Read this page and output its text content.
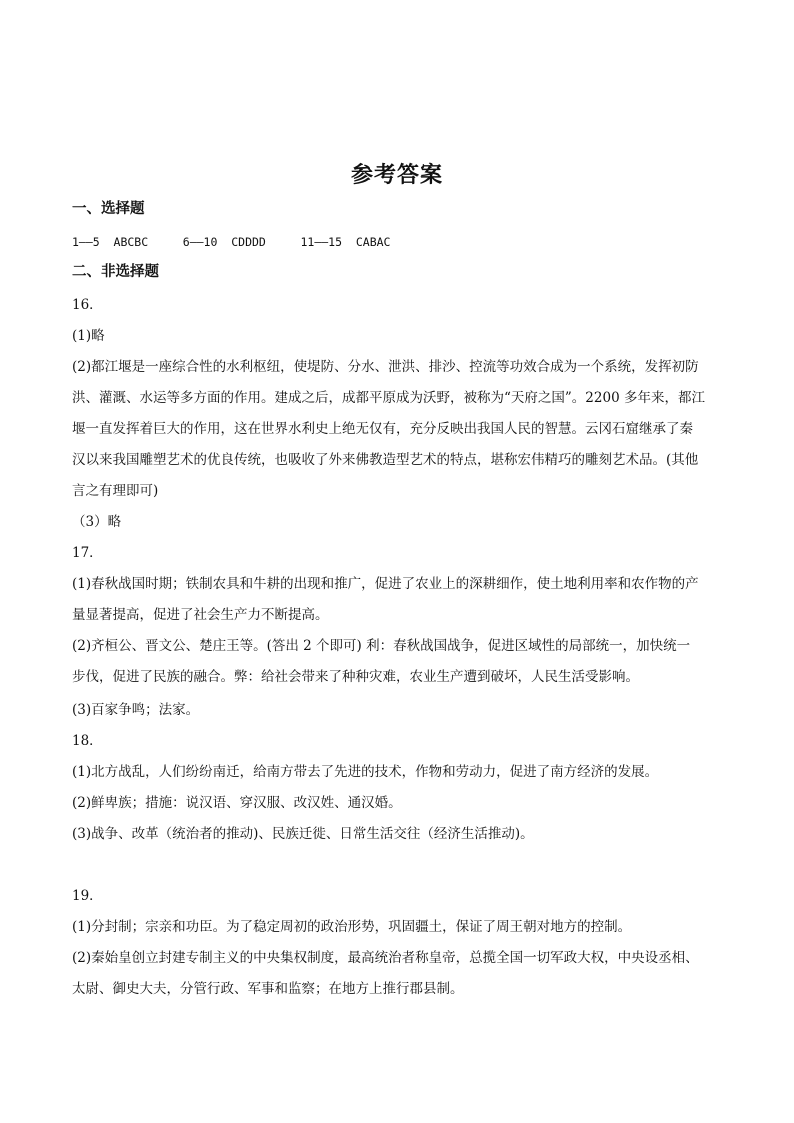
参考答案
一、选择题
1——5  ABCBC     6——10  CDDDD     11——15  CABAC
二、非选择题
16．
(1)略
(2)都江堰是一座综合性的水利枢纽，使堤防、分水、泄洪、排沙、控流等功效合成为一个系统，发挥初防
洪、灌溉、水运等多方面的作用。建成之后，成都平原成为沃野，被称为“天府之国”。2200 多年来，都江
堰一直发挥着巨大的作用，这在世界水利史上绝无仅有，充分反映出我国人民的智慧。云冈石窟继承了秦
汉以来我国雕塑艺术的优良传统，也吸收了外来佛教造型艺术的特点，堪称宏伟精巧的雕刻艺术品。(其他
言之有理即可)
（3）略
17．
(1)春秋战国时期；铁制农具和牛耕的出现和推广，促进了农业上的深耕细作，使土地利用率和农作物的产
量显著提高，促进了社会生产力不断提高。
(2)齐桓公、晋文公、楚庄王等。(答出 2 个即可) 利：春秋战国战争，促进区域性的局部统一，加快统一
步伐，促进了民族的融合。弊：给社会带来了种种灾难，农业生产遭到破坏，人民生活受影响。
(3)百家争鸣；法家。
18．
(1)北方战乱，人们纷纷南迁，给南方带去了先进的技术，作物和劳动力，促进了南方经济的发展。
(2)鲜卑族；措施：说汉语、穿汉服、改汉姓、通汉婚。
(3)战争、改革（统治者的推动)、民族迁徙、日常生活交往（经济生活推动)。
19．
(1)分封制；宗亲和功臣。为了稳定周初的政治形势，巩固疆土，保证了周王朝对地方的控制。
(2)秦始皇创立封建专制主义的中央集权制度，最高统治者称皇帝，总揽全国一切军政大权，中央设丞相、
太尉、御史大夫，分管行政、军事和监察；在地方上推行郡县制。
